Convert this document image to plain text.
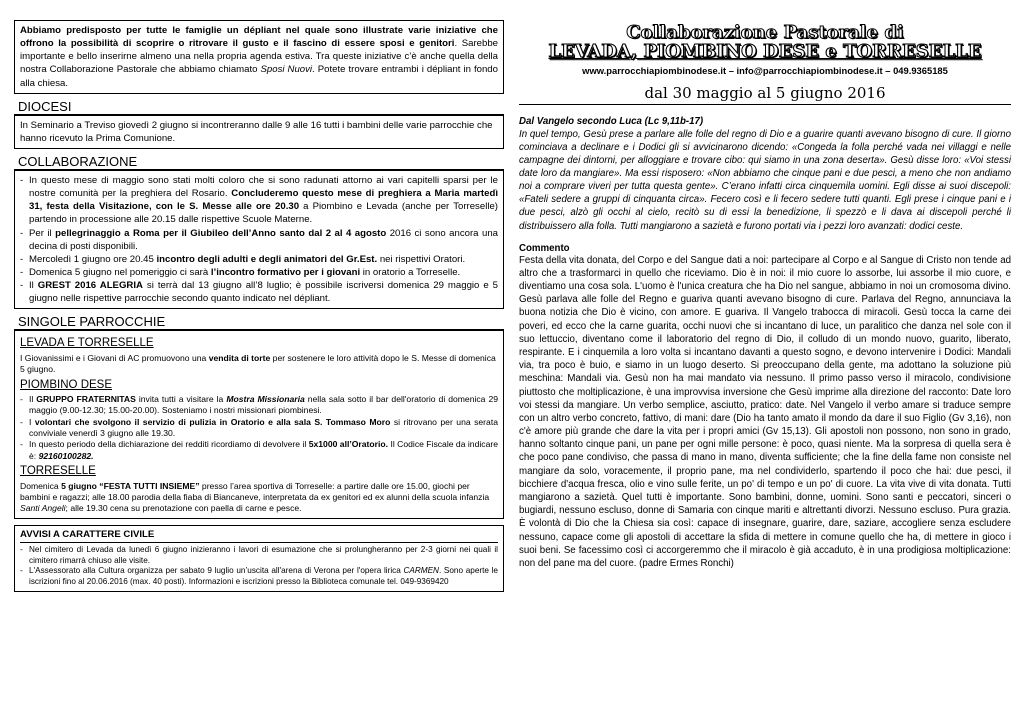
Abbiamo predisposto per tutte le famiglie un dépliant nel quale sono illustrate varie iniziative che offrono la possibilità di scoprire o ritrovare il gusto e il fascino di essere sposi e genitori. Sarebbe importante e bello inserirne almeno una nella propria agenda estiva. Tra queste iniziative c’è anche quella della nostra Collaborazione Pastorale che abbiamo chiamato Sposi Nuovi. Potete trovare entrambi i dépliant in fondo alla chiesa.
DIOCESI
In Seminario a Treviso giovedì 2 giugno si incontreranno dalle 9 alle 16 tutti i bambini delle varie parrocchie che hanno ricevuto la Prima Comunione.
COLLABORAZIONE
- In questo mese di maggio sono stati molti coloro che si sono radunati attorno ai vari capitelli sparsi per le nostre comunità per la preghiera del Rosario. Concluderemo questo mese di preghiera a Maria martedì 31, festa della Visitazione, con le S. Messe alle ore 20.30 a Piombino e Levada (anche per Torreselle) partendo in processione alle 20.15 dalle rispettive Scuole Materne.
- Per il pellegrinaggio a Roma per il Giubileo dell’Anno santo dal 2 al 4 agosto 2016 ci sono ancora una decina di posti disponibili.
- Mercoledì 1 giugno ore 20.45 incontro degli adulti e degli animatori del Gr.Est. nei rispettivi Oratori.
- Domenica 5 giugno nel pomeriggio ci sarà l’incontro formativo per i giovani in oratorio a Torreselle.
- Il GREST 2016 ALEGRIA si terrà dal 13 giugno all’8 luglio; è possibile iscriversi domenica 29 maggio e 5 giugno nelle rispettive parrocchie secondo quanto indicato nel dépliant.
SINGOLE PARROCCHIE
LEVADA E TORRESELLE
I Giovanissimi e i Giovani di AC promuovono una vendita di torte per sostenere le loro attività dopo le S. Messe di domenica 5 giugno.
PIOMBINO DESE
- Il GRUPPO FRATERNITAS invita tutti a visitare la Mostra Missionaria nella sala sotto il bar dell'oratorio di domenica 29 maggio (9.00-12.30; 15.00-20.00). Sosteniamo i nostri missionari piombinesi.
- I volontari che svolgono il servizio di pulizia in Oratorio e alla sala S. Tommaso Moro si ritrovano per una serata conviviale venerdì 3 giugno alle 19.30.
- In questo periodo della dichiarazione dei redditi ricordiamo di devolvere il 5x1000 all’Oratorio. Il Codice Fiscale da indicare è: 92160100282.
TORRESELLE
Domenica 5 giugno “FESTA TUTTI INSIEME” presso l’area sportiva di Torreselle: a partire dalle ore 15.00, giochi per bambini e ragazzi; alle 18.00 parodia della fiaba di Biancaneve, interpretata da ex genitori ed ex alunni della scuola infanzia Santi Angeli; alle 19.30 cena su prenotazione con paella di carne e pesce.
AVVISI A CARATTERE CIVILE
- Nel cimitero di Levada da lunedì 6 giugno inizieranno i lavori di esumazione che si prolungheranno per 2-3 giorni nei quali il cimitero rimarrà chiuso alle visite.
- L'Assessorato alla Cultura organizza per sabato 9 luglio un’uscita all'arena di Verona per l'opera lirica CARMEN. Sono aperte le iscrizioni fino al 20.06.2016 (max. 40 posti). Informazioni e iscrizioni presso la Biblioteca comunale tel. 049-9369420
Collaborazione Pastorale di
LEVADA, PIOMBINO DESE e TORRESELLE
www.parrocchiapiombinodese.it – info@parrocchiapiombinodese.it – 049.9365185
dal 30 maggio al 5 giugno 2016
Dal Vangelo secondo Luca (Lc 9,11b-17)
In quel tempo, Gesù prese a parlare alle folle del regno di Dio e a guarire quanti avevano bisogno di cure. Il giorno cominciava a declinare e i Dodici gli si avvicinarono dicendo: «Congeda la folla perché vada nei villaggi e nelle campagne dei dintorni, per alloggiare e trovare cibo: qui siamo in una zona deserta». Gesù disse loro: «Voi stessi date loro da mangiare». Ma essi risposero: «Non abbiamo che cinque pani e due pesci, a meno che non andiamo noi a comprare viveri per tutta questa gente». C’erano infatti circa cinquemila uomini. Egli disse ai suoi discepoli: «Fateli sedere a gruppi di cinquanta circa». Fecero così e li fecero sedere tutti quanti. Egli prese i cinque pani e i due pesci, alzò gli occhi al cielo, recitò su di essi la benedizione, li spezzò e li dava ai discepoli perché li distribuissero alla folla. Tutti mangiarono a sazietà e furono portati via i pezzi loro avanzati: dodici ceste.
Commento
Festa della vita donata, del Corpo e del Sangue dati a noi: partecipare al Corpo e al Sangue di Cristo non tende ad altro che a trasformarci in quello che riceviamo. Dio è in noi: il mio cuore lo assorbe, lui assorbe il mio cuore, e diventiamo una cosa sola. L'uomo è l'unica creatura che ha Dio nel sangue, abbiamo in noi un cromosoma divino. Gesù parlava alle folle del Regno e guariva quanti avevano bisogno di cure. Parlava del Regno, annunciava la buona notizia che Dio è vicino, con amore. E guariva. Il Vangelo trabocca di miracoli. Gesù tocca la carne dei poveri, ed ecco che la carne guarita, occhi nuovi che si incantano di luce, un paralitico che danza nel sole con il suo lettuccio, diventano come il laboratorio del regno di Dio, il colludo di un mondo nuovo, guarito, liberato, respirante. E i cinquemila a loro volta si incantano davanti a questo sogno, e devono intervenire i Dodici: Mandali via, tra poco è buio, e siamo in un luogo deserto. Si preoccupano della gente, ma adottano la soluzione più meschina: Mandali via. Gesù non ha mai mandato via nessuno. Il primo passo verso il miracolo, condivisione piuttosto che moltiplicazione, è una improvvisa inversione che Gesù imprime alla direzione del racconto: Date loro voi stessi da mangiare. Un verbo semplice, asciutto, pratico: date. Nel Vangelo il verbo amare si traduce sempre con un altro verbo concreto, fattivo, di mani: dare (Dio ha tanto amato il mondo da dare il suo Figlio (Gv 3,16), non c'è amore più grande che dare la vita per i propri amici (Gv 15,13). Gli apostoli non possono, non sono in grado, hanno soltanto cinque pani, un pane per ogni mille persone: è poco, quasi niente. Ma la sorpresa di quella sera è che poco pane condiviso, che passa di mano in mano, diventa sufficiente; che la fine della fame non consiste nel mangiare da solo, voracemente, il proprio pane, ma nel condividerlo, spartendo il poco che hai: due pesci, il bicchiere d'acqua fresca, olio e vino sulle ferite, un po' di tempo e un po' di cuore. La vita vive di vita donata. Tutti mangiarono a sazietà. Quel tutti è importante. Sono bambini, donne, uomini. Sono santi e peccatori, sinceri o bugiardi, nessuno escluso, donne di Samaria con cinque mariti e altrettanti divorzi. Nessuno escluso. Pura grazia. È volontà di Dio che la Chiesa sia così: capace di insegnare, guarire, dare, saziare, accogliere senza escludere nessuno, capace come gli apostoli di accettare la sfida di mettere in comune quello che ha, di mettere in gioco i suoi beni. Se facessimo così ci accorgeremmo che il miracolo è già accaduto, è in una prodigiosa moltiplicazione: non del pane ma del cuore. (padre Ermes Ronchi)
